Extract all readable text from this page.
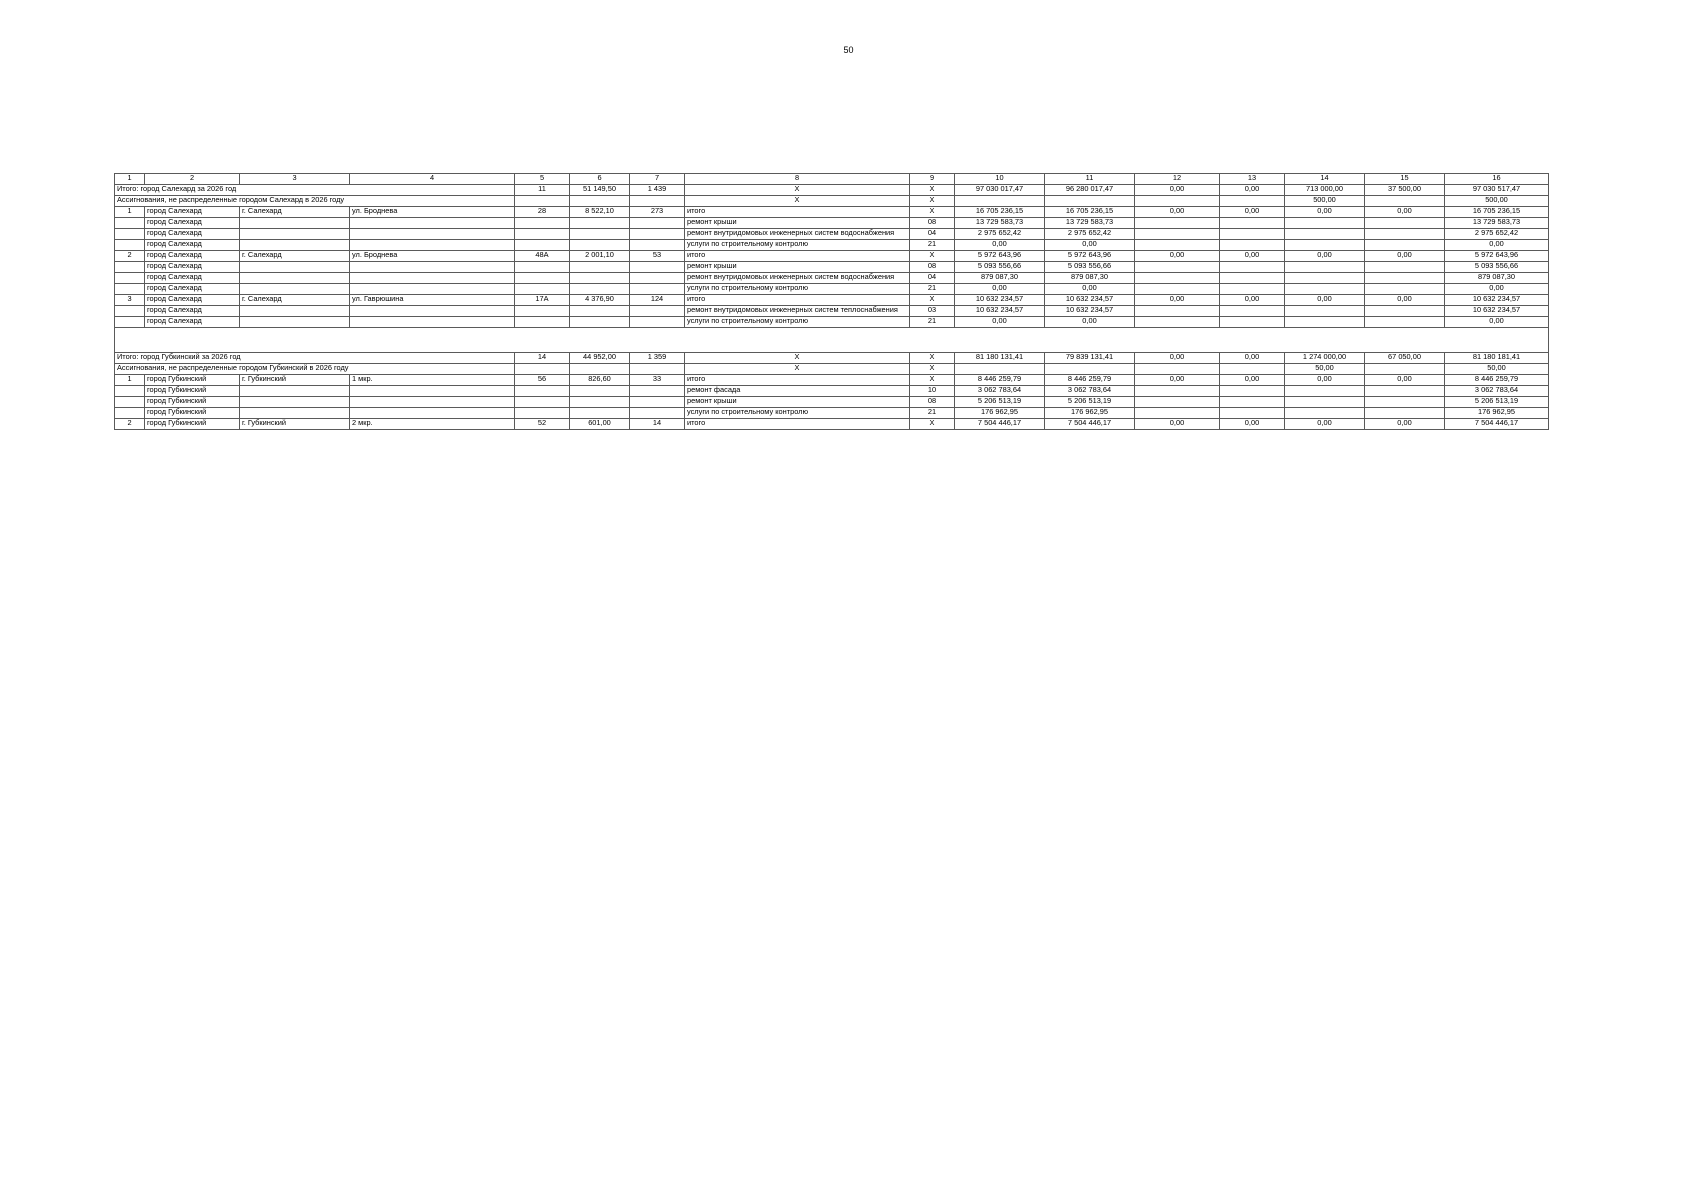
50
1	2	3	4	5	6	7	8	9	10	11	12	13	14	15	16
Итого: город Салехард за 2026 год				11	51 149,50	1 439	X	X	97 030 017,47	96 280 017,47	0,00	0,00	713 000,00	37 500,00	97 030 517,47
Ассигнования, не распределенные городом Салехард в 2026 году							X	X					500,00		500,00
1	город Салехард	г. Салехард	ул. Броднева	28	8 522,10	273	итого	X	16 705 236,15	16 705 236,15	0,00	0,00	0,00	0,00	16 705 236,15
	город Салехард						ремонт крыши	08	13 729 583,73	13 729 583,73					13 729 583,73
	город Салехард						ремонт внутридомовых инженерных систем водоснабжения	04	2 975 652,42	2 975 652,42					2 975 652,42
	город Салехард						услуги по строительному контролю	21	0,00	0,00					0,00
2	город Салехард	г. Салехард	ул. Броднева	48А	2 001,10	53	итого	X	5 972 643,96	5 972 643,96	0,00	0,00	0,00	0,00	5 972 643,96
	город Салехард						ремонт крыши	08	5 093 556,66	5 093 556,66					5 093 556,66
	город Салехард						ремонт внутридомовых инженерных систем водоснабжения	04	879 087,30	879 087,30					879 087,30
	город Салехард						услуги по строительному контролю	21	0,00	0,00					0,00
3	город Салехард	г. Салехард	ул. Гаврюшина	17А	4 376,90	124	итого	X	10 632 234,57	10 632 234,57	0,00	0,00	0,00	0,00	10 632 234,57
	город Салехард						ремонт внутридомовых инженерных систем теплоснабжения	03	10 632 234,57	10 632 234,57					10 632 234,57
	город Салехард						услуги по строительному контролю	21	0,00	0,00					0,00

Итого: город Губкинский за 2026 год				14	44 952,00	1 359	X	X	81 180 131,41	79 839 131,41	0,00	0,00	1 274 000,00	67 050,00	81 180 181,41
Ассигнования, не распределенные городом Губкинский в 2026 году							X	X					50,00		50,00
1	город Губкинский	г. Губкинский	1 мкр.	56	826,60	33	итого	X	8 446 259,79	8 446 259,79	0,00	0,00	0,00	0,00	8 446 259,79
	город Губкинский						ремонт фасада	10	3 062 783,64	3 062 783,64					3 062 783,64
	город Губкинский						ремонт крыши	08	5 206 513,19	5 206 513,19					5 206 513,19
	город Губкинский						услуги по строительному контролю	21	176 962,95	176 962,95					176 962,95
2	город Губкинский	г. Губкинский	2 мкр.	52	601,00	14	итого	X	7 504 446,17	7 504 446,17	0,00	0,00	0,00	0,00	7 504 446,17
